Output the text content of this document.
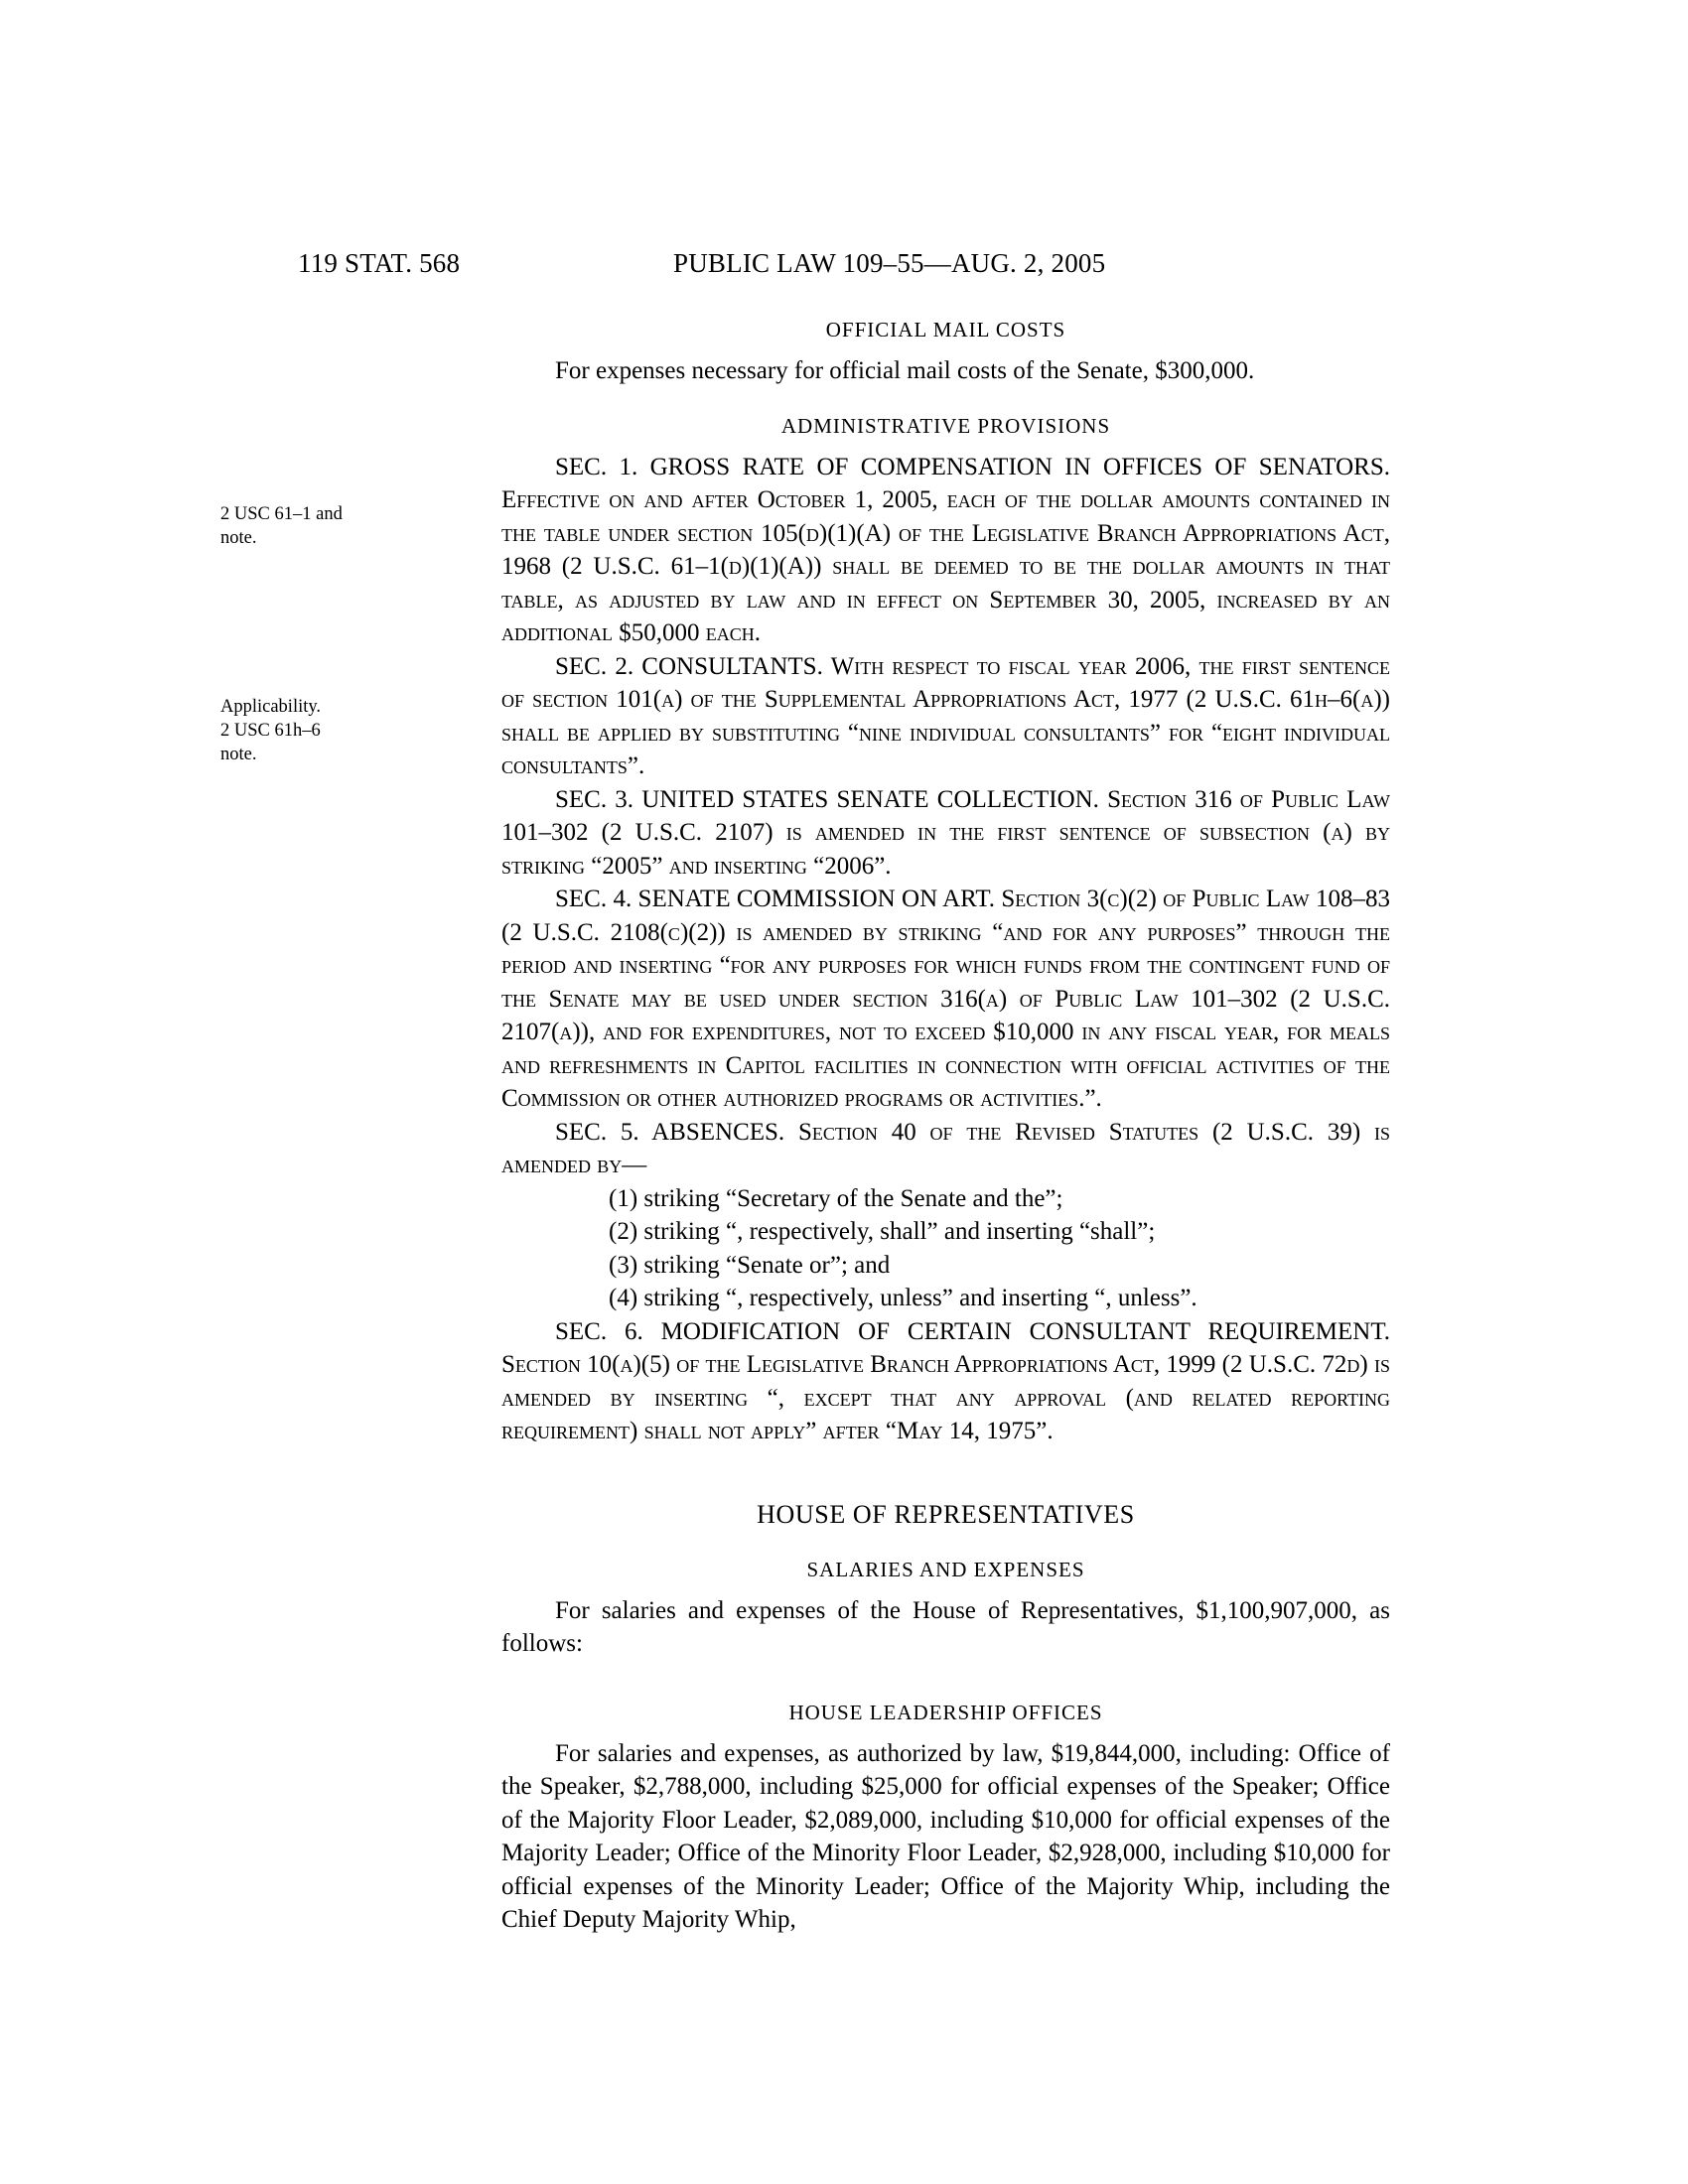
119 STAT. 568	PUBLIC LAW 109–55—AUG. 2, 2005
2 USC 61–1 and
note.
Applicability.
2 USC 61h–6
note.
OFFICIAL MAIL COSTS

For expenses necessary for official mail costs of the Senate, $300,000.

ADMINISTRATIVE PROVISIONS

SEC. 1. GROSS RATE OF COMPENSATION IN OFFICES OF SENATORS. Effective on and after October 1, 2005, each of the dollar amounts contained in the table under section 105(d)(1)(A) of the Legislative Branch Appropriations Act, 1968 (2 U.S.C. 61–1(d)(1)(A)) shall be deemed to be the dollar amounts in that table, as adjusted by law and in effect on September 30, 2005, increased by an additional $50,000 each.

SEC. 2. CONSULTANTS. With respect to fiscal year 2006, the first sentence of section 101(a) of the Supplemental Appropriations Act, 1977 (2 U.S.C. 61h–6(a)) shall be applied by substituting “nine individual consultants” for “eight individual consultants”.

SEC. 3. UNITED STATES SENATE COLLECTION. Section 316 of Public Law 101–302 (2 U.S.C. 2107) is amended in the first sentence of subsection (a) by striking “2005” and inserting “2006”.

SEC. 4. SENATE COMMISSION ON ART. Section 3(c)(2) of Public Law 108–83 (2 U.S.C. 2108(c)(2)) is amended by striking “and for any purposes” through the period and inserting “for any purposes for which funds from the contingent fund of the Senate may be used under section 316(a) of Public Law 101–302 (2 U.S.C. 2107(a)), and for expenditures, not to exceed $10,000 in any fiscal year, for meals and refreshments in Capitol facilities in connection with official activities of the Commission or other authorized programs or activities.”.

SEC. 5. ABSENCES. Section 40 of the Revised Statutes (2 U.S.C. 39) is amended by—

(1) striking “Secretary of the Senate and the”;

(2) striking “, respectively, shall” and inserting “shall”;

(3) striking “Senate or”; and

(4) striking “, respectively, unless” and inserting “, unless”.

SEC. 6. MODIFICATION OF CERTAIN CONSULTANT REQUIREMENT. Section 10(a)(5) of the Legislative Branch Appropriations Act, 1999 (2 U.S.C. 72d) is amended by inserting “, except that any approval (and related reporting requirement) shall not apply” after “May 14, 1975”.

HOUSE OF REPRESENTATIVES
SALARIES AND EXPENSES

For salaries and expenses of the House of Representatives, $1,100,907,000, as follows:

HOUSE LEADERSHIP OFFICES

For salaries and expenses, as authorized by law, $19,844,000, including: Office of the Speaker, $2,788,000, including $25,000 for official expenses of the Speaker; Office of the Majority Floor Leader, $2,089,000, including $10,000 for official expenses of the Majority Leader; Office of the Minority Floor Leader, $2,928,000, including $10,000 for official expenses of the Minority Leader; Office of the Majority Whip, including the Chief Deputy Majority Whip,
